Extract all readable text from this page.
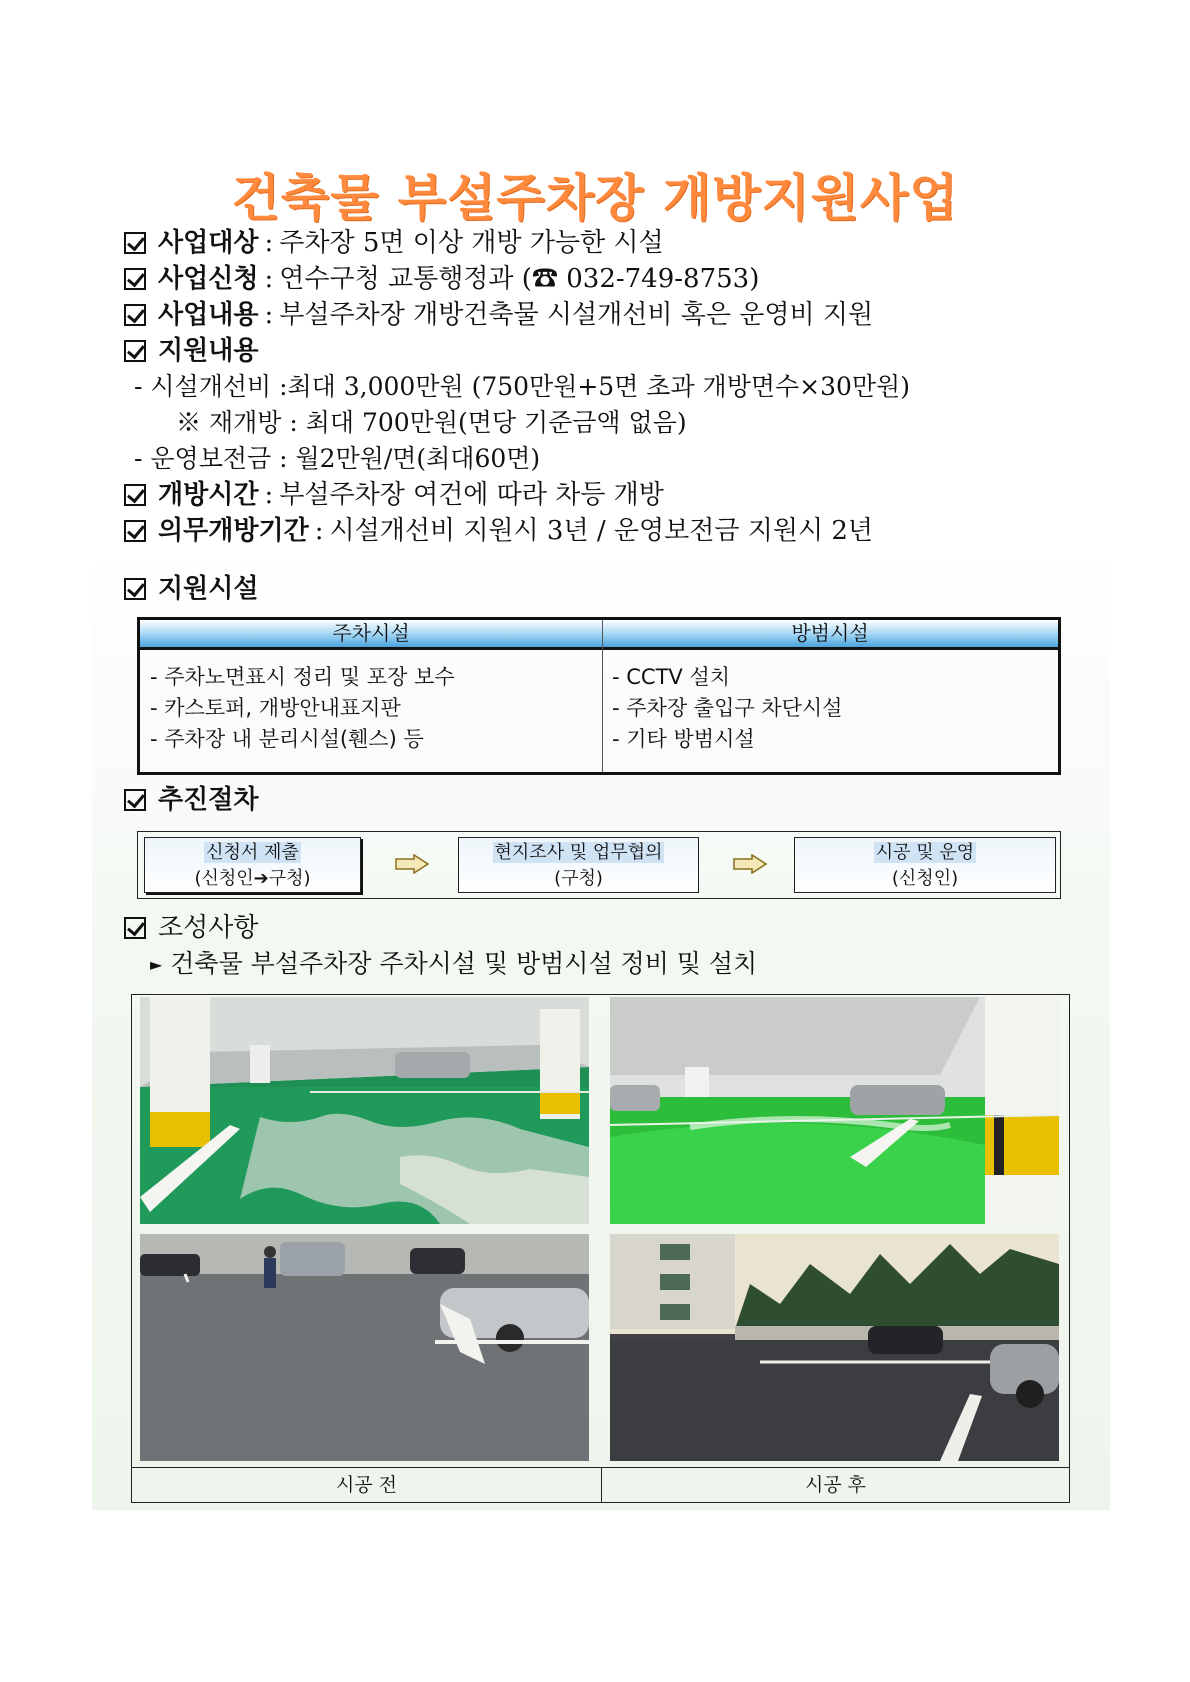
건축물 부설주차장 개방지원사업
사업대상 : 주차장 5면 이상 개방 가능한 시설
사업신청 : 연수구청 교통행정과 (☎ 032-749-8753)
사업내용 : 부설주차장 개방건축물 시설개선비 혹은 운영비 지원
지원내용
- 시설개선비 :최대 3,000만원 (750만원+5면 초과 개방면수×30만원)
※ 재개방 : 최대 700만원(면당 기준금액 없음)
- 운영보전금 : 월2만원/면(최대60면)
개방시간 : 부설주차장 여건에 따라 차등 개방
의무개방기간 : 시설개선비 지원시 3년 / 운영보전금 지원시 2년
지원시설
주차시설	방범시설
- 주차노면표시 정리 및 포장 보수
- 카스토퍼, 개방안내표지판
- 주차장 내 분리시설(휀스) 등
- CCTV 설치
- 주차장 출입구 차단시설
- 기타 방범시설
추진절차
신청서 제출
(신청인➔구청)
현지조사 및 업무협의
(구청)
시공 및 운영
(신청인)
조성사항
► 건축물 부설주차장 주차시설 및 방범시설 정비 및 설치
시공 전	시공 후
